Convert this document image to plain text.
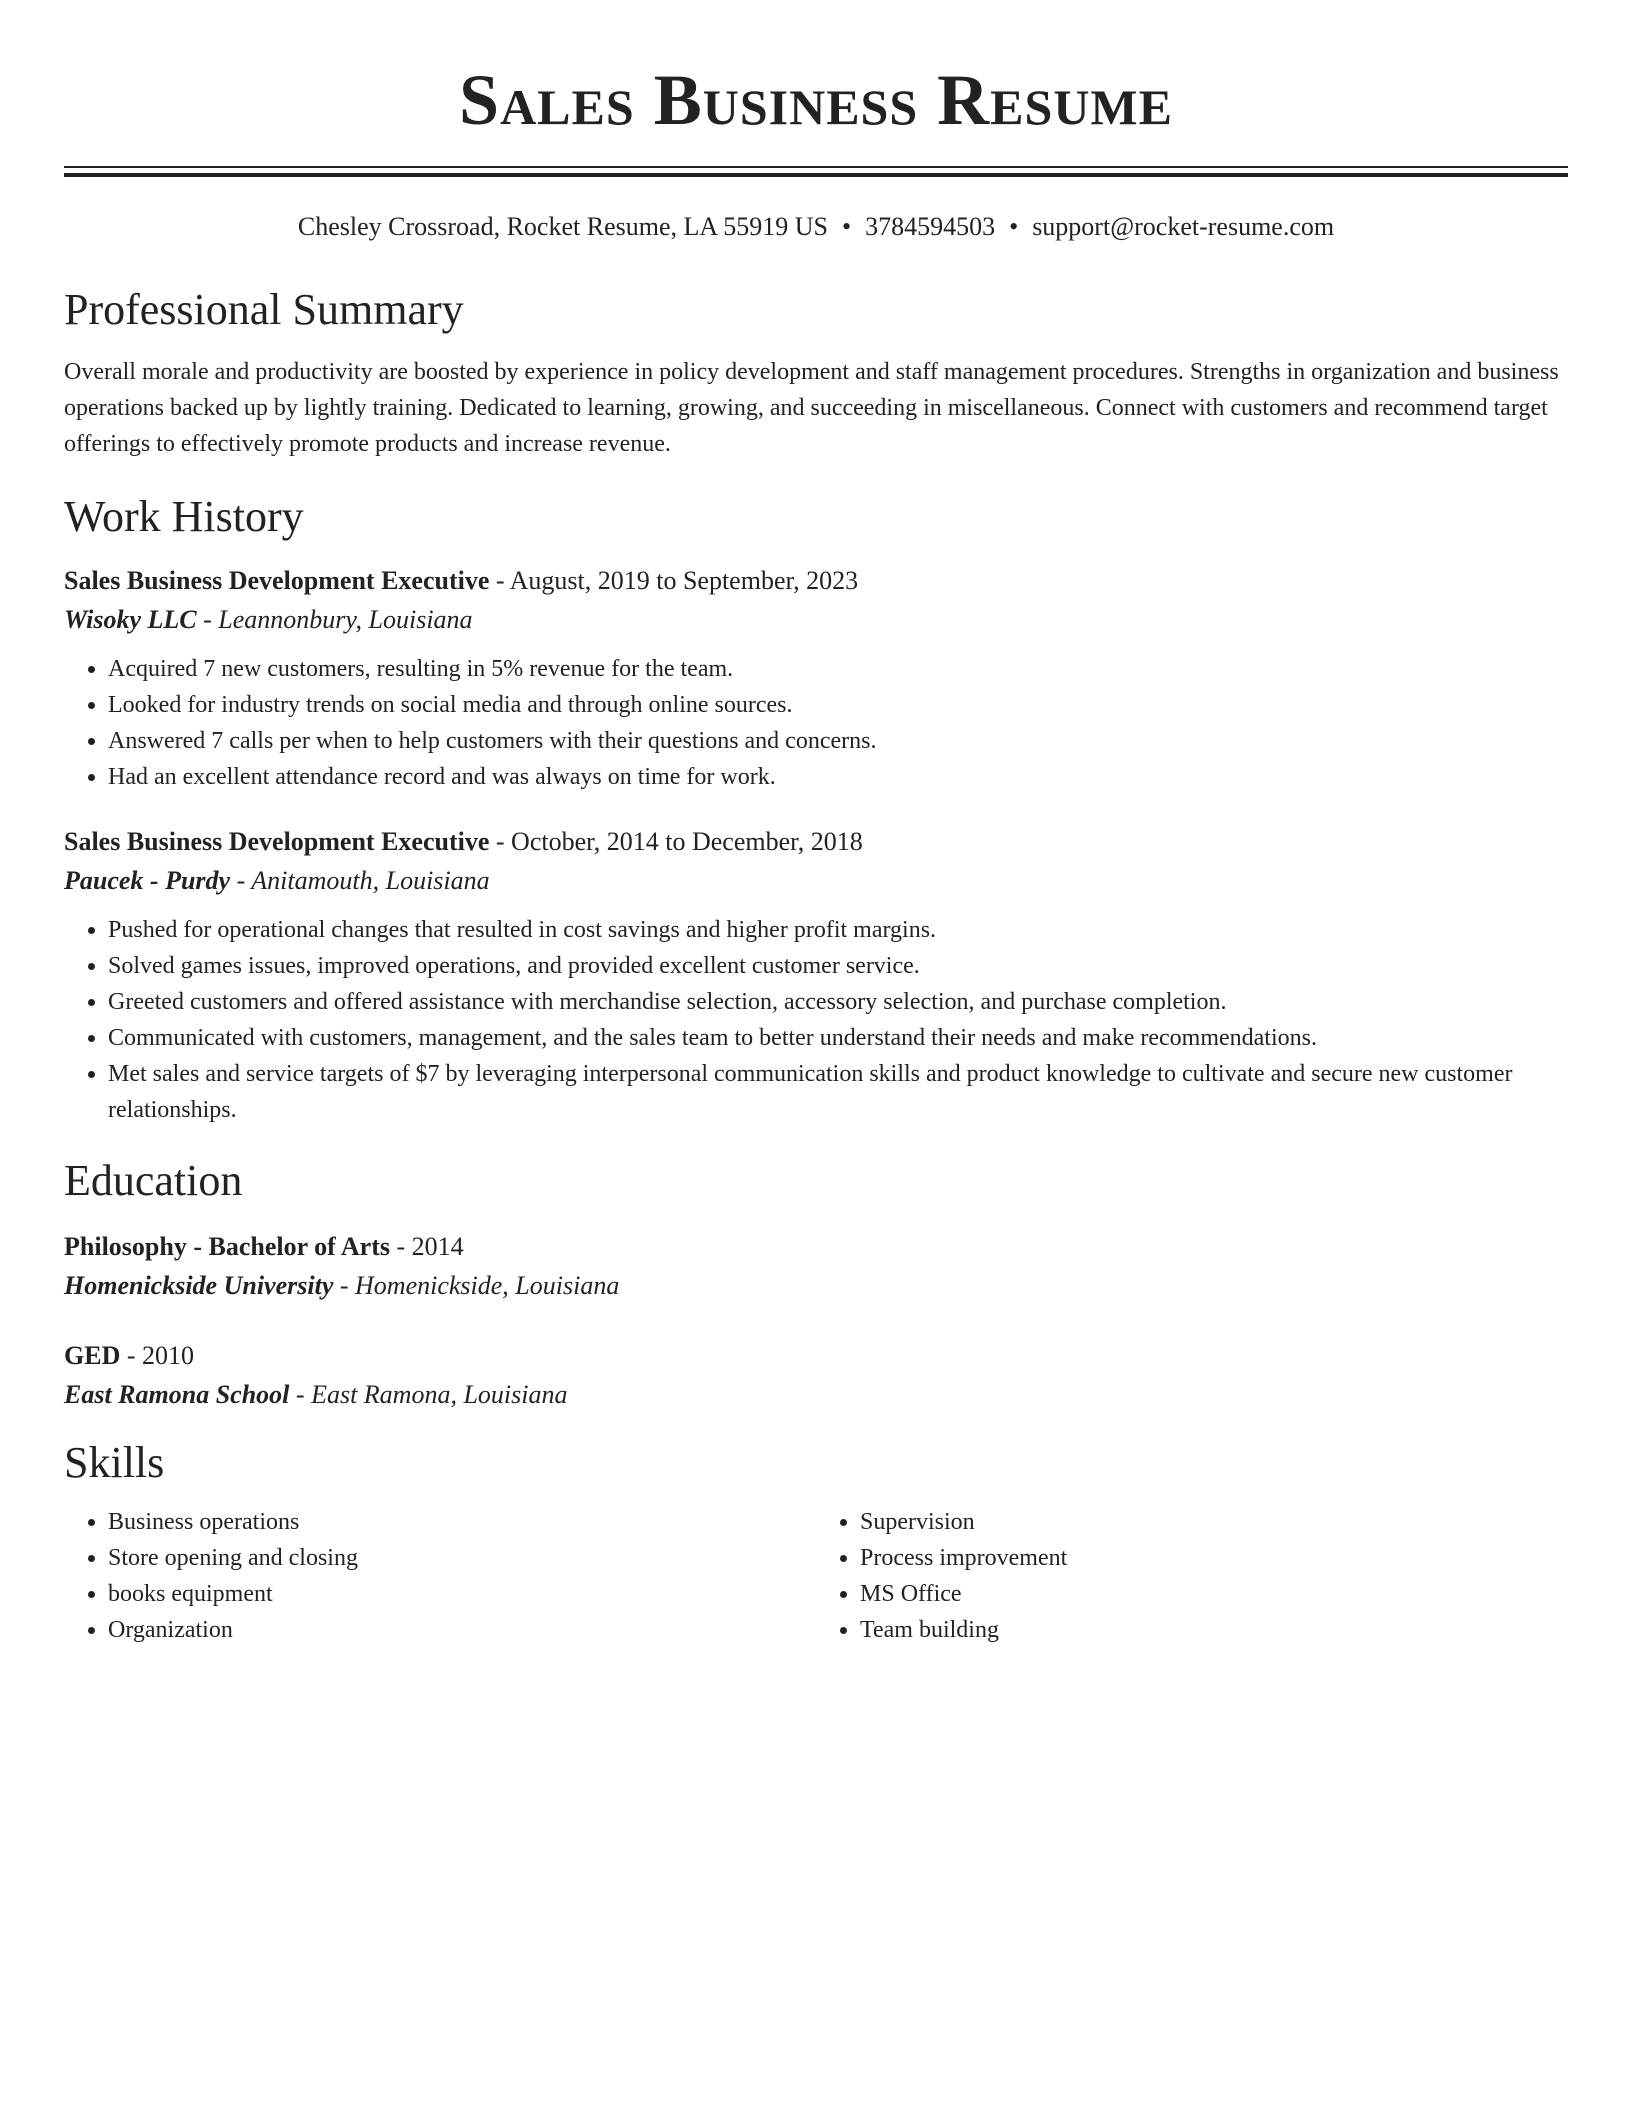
Sales Business Resume
Chesley Crossroad, Rocket Resume, LA 55919 US • 3784594503 • support@rocket-resume.com
Professional Summary
Overall morale and productivity are boosted by experience in policy development and staff management procedures. Strengths in organization and business operations backed up by lightly training. Dedicated to learning, growing, and succeeding in miscellaneous. Connect with customers and recommend target offerings to effectively promote products and increase revenue.
Work History
Sales Business Development Executive - August, 2019 to September, 2023
Wisoky LLC - Leannonbury, Louisiana
• Acquired 7 new customers, resulting in 5% revenue for the team.
• Looked for industry trends on social media and through online sources.
• Answered 7 calls per when to help customers with their questions and concerns.
• Had an excellent attendance record and was always on time for work.
Sales Business Development Executive - October, 2014 to December, 2018
Paucek - Purdy - Anitamouth, Louisiana
• Pushed for operational changes that resulted in cost savings and higher profit margins.
• Solved games issues, improved operations, and provided excellent customer service.
• Greeted customers and offered assistance with merchandise selection, accessory selection, and purchase completion.
• Communicated with customers, management, and the sales team to better understand their needs and make recommendations.
• Met sales and service targets of $7 by leveraging interpersonal communication skills and product knowledge to cultivate and secure new customer relationships.
Education
Philosophy - Bachelor of Arts - 2014
Homenickside University - Homenickside, Louisiana
GED - 2010
East Ramona School - East Ramona, Louisiana
Skills
• Business operations
• Store opening and closing
• books equipment
• Organization
• Supervision
• Process improvement
• MS Office
• Team building
